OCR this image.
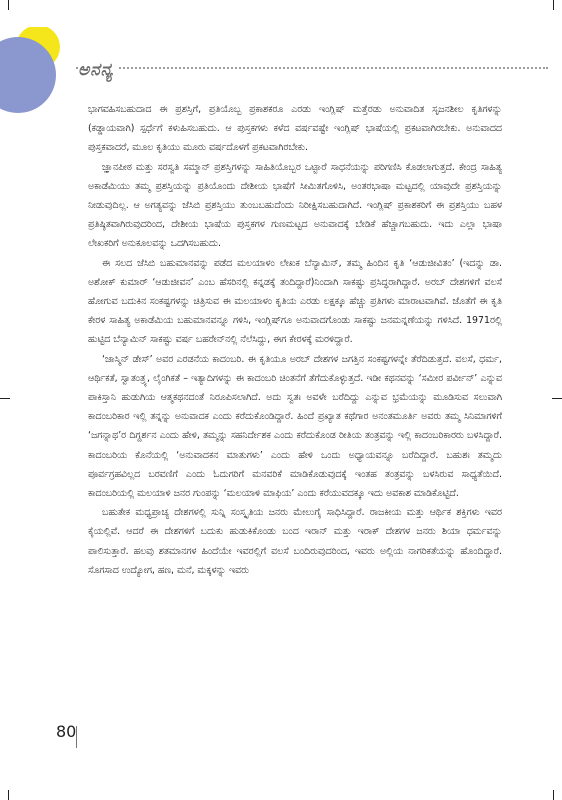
ಅನನ್ಯ

ಭಾಗವಹಿಸಬಹುದಾದ ಈ ಪ್ರಶಸ್ತಿಗೆ, ಪ್ರತಿಯೊಬ್ಬ ಪ್ರಕಾಶಕರೂ ಎರಡು ಇಂಗ್ಲಿಷ್ ಮತ್ತೆರಡು ಅನುವಾದಿತ ಸೃಜನಶೀಲ ಕೃತಿಗಳನ್ನು (ಕಡ್ಡಾಯವಾಗಿ) ಸ್ಪರ್ಧೆಗೆ ಕಳುಹಿಸಬಹುದು. ಆ ಪುಸ್ತಕಗಳು ಕಳೆದ ವರ್ಷವಷ್ಟೇ ಇಂಗ್ಲಿಷ್ ಭಾಷೆಯಲ್ಲಿ ಪ್ರಕಟವಾಗಿರಬೇಕು. ಅನುವಾದದ ಪುಸ್ತಕವಾದರೆ, ಮೂಲ ಕೃತಿಯು ಮೂರು ವರ್ಷದೊಳಗೆ ಪ್ರಕಟವಾಗಿರಬೇಕು.

ಜ್ಞಾನಪೀಠ ಮತ್ತು ಸರಸ್ವತಿ ಸಮ್ಮಾನ್ ಪ್ರಶಸ್ತಿಗಳನ್ನು ಸಾಹಿತಿಯೊಬ್ಬರ ಒಟ್ಟಾರೆ ಸಾಧನೆಯನ್ನು ಪರಿಗಣಿಸಿ ಕೊಡಲಾಗುತ್ತದೆ. ಕೇಂದ್ರ ಸಾಹಿತ್ಯ ಅಕಾಡೆಮಿಯು ತಮ್ಮ ಪ್ರಶಸ್ತಿಯನ್ನು ಪ್ರತಿಯೊಂದು ದೇಶೀಯ ಭಾಷೆಗೆ ಸೀಮಿತಗೊಳಿಸಿ, ಅಂತರಭಾಷಾ ಮಟ್ಟದಲ್ಲಿ ಯಾವುದೇ ಪ್ರಶಸ್ತಿಯನ್ನು ನೀಡುವುದಿಲ್ಲ. ಆ ಅಗತ್ಯವನ್ನು ಜೆಸಿಬಿ ಪ್ರಶಸ್ತಿಯು ತುಂಬಬಹುದೆಂದು ನಿರೀಕ್ಷಿಸಬಹುದಾಗಿದೆ. ಇಂಗ್ಲಿಷ್ ಪ್ರಕಾಶಕರಿಗೆ ಈ ಪ್ರಶಸ್ತಿಯು ಬಹಳ ಪ್ರತಿಷ್ಠಿತವಾಗಿರುವುದರಿಂದ, ದೇಶೀಯ ಭಾಷೆಯ ಪುಸ್ತಕಗಳ ಗುಣಮಟ್ಟದ ಅನುವಾದಕ್ಕೆ ಬೇಡಿಕೆ ಹೆಚ್ಚಾಗಬಹುದು. ಇದು ಎಲ್ಲಾ ಭಾಷಾ ಲೇಖಕರಿಗೆ ಅನುಕೂಲವನ್ನು ಒದಗಿಸಬಹುದು.

ಈ ಸಲದ ಜೆಸಿಬಿ ಬಹುಮಾನವನ್ನು ಪಡೆದ ಮಲಯಾಳಂ ಲೇಖಕ ಬೆನ್ಯಾಮಿನ್, ತಮ್ಮ ಹಿಂದಿನ ಕೃತಿ ‘ಆಡುಜೀವಿತಂ’ (ಇದನ್ನು ಡಾ. ಅಶೋಕ್ ಕುಮಾರ್ ‘ಆಡುಜೀವನ’ ಎಂಬ ಹೆಸರಿನಲ್ಲಿ ಕನ್ನಡಕ್ಕೆ ತಂದಿದ್ದಾರೆ)ನಿಂದಾಗಿ ಸಾಕಷ್ಟು ಪ್ರಸಿದ್ಧರಾಗಿದ್ದಾರೆ. ಅರಬ್ ದೇಶಗಳಿಗೆ ವಲಸೆ ಹೋಗುವ ಬದುಕಿನ ಸಂಕಷ್ಟಗಳನ್ನು ಚಿತ್ರಿಸುವ ಈ ಮಲಯಾಳಂ ಕೃತಿಯ ಎರಡು ಲಕ್ಷಕ್ಕೂ ಹೆಚ್ಚು ಪ್ರತಿಗಳು ಮಾರಾಟವಾಗಿವೆ. ಜೊತೆಗೆ ಈ ಕೃತಿ ಕೇರಳ ಸಾಹಿತ್ಯ ಅಕಾಡೆಮಿಯ ಬಹುಮಾನವನ್ನೂ ಗಳಿಸಿ, ಇಂಗ್ಲಿಷ್‌ಗೂ ಅನುವಾದಗೊಂಡು ಸಾಕಷ್ಟು ಜನಮನ್ನಣೆಯನ್ನು ಗಳಿಸಿದೆ. 1971ರಲ್ಲಿ ಹುಟ್ಟಿದ ಬೆನ್ಯಾಮಿನ್ ಸಾಕಷ್ಟು ವರ್ಷ ಬಹರೇನ್‌ನಲ್ಲಿ ನೆಲೆಸಿದ್ದು, ಈಗ ಕೇರಳಕ್ಕೆ ಮರಳಿದ್ದಾರೆ.

‘ಜಾಸ್ಮಿನ್ ಡೇಸ್’ ಅವರ ಎರಡನೆಯ ಕಾದಂಬರಿ. ಈ ಕೃತಿಯೂ ಅರಬ್ ದೇಶಗಳ ಜಗತ್ತಿನ ಸಂಕಷ್ಟಗಳನ್ನೇ ತೆರೆದಿಡುತ್ತದೆ. ವಲಸೆ, ಧರ್ಮ, ಆರ್ಥಿಕತೆ, ಸ್ವಾತಂತ್ರ್ಯ, ಲೈಂಗಿಕತೆ – ಇತ್ಯಾದಿಗಳನ್ನು ಈ ಕಾದಂಬರಿ ಚಿಂತನೆಗೆ ತೆಗೆದುಕೊಳ್ಳುತ್ತದೆ. ಇಡೀ ಕಥನವನ್ನು ‘ಸಮೀರ ಪರ್ವೀನ್’ ಎನ್ನುವ ಪಾಕಿಸ್ತಾನಿ ಹುಡುಗಿಯ ಆತ್ಮಕಥನದಂತೆ ನಿರೂಪಿಸಲಾಗಿದೆ. ಅದು ಸ್ವತಃ ಅವಳೇ ಬರೆದಿದ್ದು ಎನ್ನುವ ಭ್ರಮೆಯನ್ನು ಮೂಡಿಸುವ ಸಲುವಾಗಿ ಕಾದಂಬರಿಕಾರ ಇಲ್ಲಿ ತನ್ನನ್ನು ಅನುವಾದಕ ಎಂದು ಕರೆದುಕೊಂಡಿದ್ದಾರೆ. ಹಿಂದೆ ಪ್ರಖ್ಯಾತ ಕಥೆಗಾರ ಅನಂತಮೂರ್ತಿ ಅವರು ತಮ್ಮ ಸಿನಿಮಾಗಳಿಗೆ ‘ಜಗನ್ನಾಥ’ರ ದಿಗ್ದರ್ಶನ ಎಂದು ಹೇಳಿ, ತಮ್ಮನ್ನು ಸಹನಿರ್ದೇಶಕ ಎಂದು ಕರೆದುಕೊಂಡ ರೀತಿಯ ತಂತ್ರವನ್ನು ಇಲ್ಲಿ ಕಾದಂಬರಿಕಾರರು ಬಳಸಿದ್ದಾರೆ. ಕಾದಂಬರಿಯ ಕೊನೆಯಲ್ಲಿ ‘ಅನುವಾದಕನ ಮಾತುಗಳು’ ಎಂದು ಹೇಳಿ ಒಂದು ಅಧ್ಯಾಯವನ್ನೂ ಬರೆದಿದ್ದಾರೆ. ಬಹುಶಃ ತಮ್ಮದು ಪೂರ್ವಗ್ರಹವಿಲ್ಲದ ಬರವಣಿಗೆ ಎಂದು ಓದುಗರಿಗೆ ಮನವರಿಕೆ ಮಾಡಿಕೊಡುವುದಕ್ಕೆ ಇಂತಹ ತಂತ್ರವನ್ನು ಬಳಸಿರುವ ಸಾಧ್ಯತೆಯಿದೆ. ಕಾದಂಬರಿಯಲ್ಲಿ ಮಲಯಾಳಿ ಜನರ ಗುಂಪನ್ನು ‘ಮಲಯಾಳಿ ಮಾಫಿಯ’ ಎಂದು ಕರೆಯುವದಕ್ಕೂ ಇದು ಅವಕಾಶ ಮಾಡಿಕೊಟ್ಟಿದೆ.

ಬಹುತೇಕ ಮಧ್ಯಪ್ರಾಚ್ಯ ದೇಶಗಳಲ್ಲಿ ಸುನ್ನಿ ಸಂಸ್ಕೃತಿಯ ಜನರು ಮೇಲುಗೈ ಸಾಧಿಸಿದ್ದಾರೆ. ರಾಜಕೀಯ ಮತ್ತು ಆರ್ಥಿಕ ಶಕ್ತಿಗಳು ಇವರ ಕೈಯಲ್ಲಿವೆ. ಆದರೆ ಈ ದೇಶಗಳಿಗೆ ಬದುಕು ಹುಡುಕಿಕೊಂಡು ಬಂದ ಇರಾನ್ ಮತ್ತು ಇರಾಕ್ ದೇಶಗಳ ಜನರು ಶಿಯಾ ಧರ್ಮವನ್ನು ಪಾಲಿಸುತ್ತಾರೆ. ಹಲವು ಶತಮಾನಗಳ ಹಿಂದೆಯೇ ಇವರಲ್ಲಿಗೆ ವಲಸೆ ಬಂದಿರುವುದರಿಂದ, ಇವರು ಅಲ್ಲಿಯ ನಾಗರಿಕತೆಯನ್ನು ಹೊಂದಿದ್ದಾರೆ. ಸೊಗಸಾದ ಉದ್ಯೋಗ, ಹಣ, ಮನೆ, ಮಕ್ಕಳನ್ನು ಇವರು

80
